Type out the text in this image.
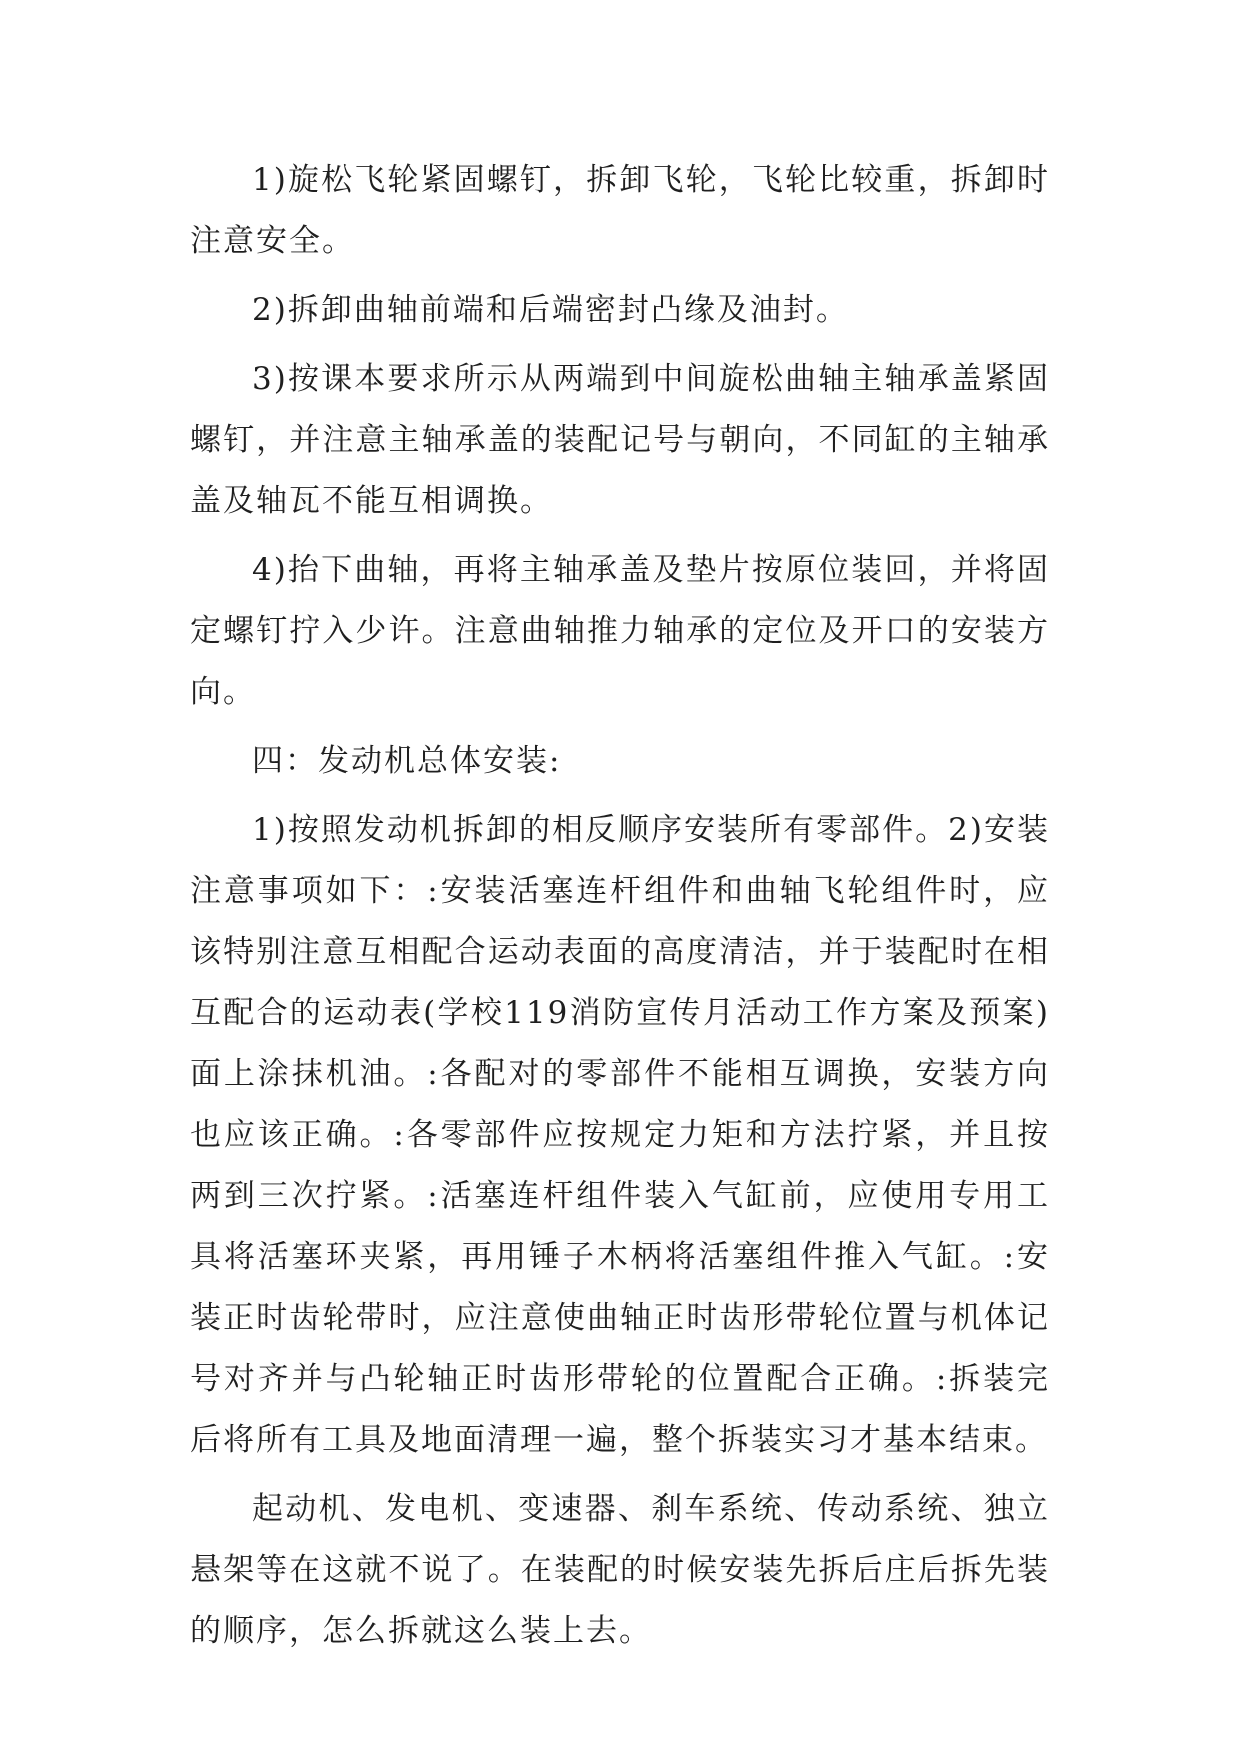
1)旋松飞轮紧固螺钉，拆卸飞轮，飞轮比较重，拆卸时注意安全。

2)拆卸曲轴前端和后端密封凸缘及油封。

3)按课本要求所示从两端到中间旋松曲轴主轴承盖紧固螺钉，并注意主轴承盖的装配记号与朝向，不同缸的主轴承盖及轴瓦不能互相调换。

4)抬下曲轴，再将主轴承盖及垫片按原位装回，并将固定螺钉拧入少许。注意曲轴推力轴承的定位及开口的安装方向。

四：发动机总体安装:

1)按照发动机拆卸的相反顺序安装所有零部件。2)安装注意事项如下：:安装活塞连杆组件和曲轴飞轮组件时，应该特别注意互相配合运动表面的高度清洁，并于装配时在相互配合的运动表(学校119消防宣传月活动工作方案及预案)面上涂抹机油。:各配对的零部件不能相互调换，安装方向也应该正确。:各零部件应按规定力矩和方法拧紧，并且按两到三次拧紧。:活塞连杆组件装入气缸前，应使用专用工具将活塞环夹紧，再用锤子木柄将活塞组件推入气缸。:安装正时齿轮带时，应注意使曲轴正时齿形带轮位置与机体记号对齐并与凸轮轴正时齿形带轮的位置配合正确。:拆装完后将所有工具及地面清理一遍，整个拆装实习才基本结束。

起动机、发电机、变速器、刹车系统、传动系统、独立悬架等在这就不说了。在装配的时候安装先拆后庄后拆先装的顺序，怎么拆就这么装上去。
